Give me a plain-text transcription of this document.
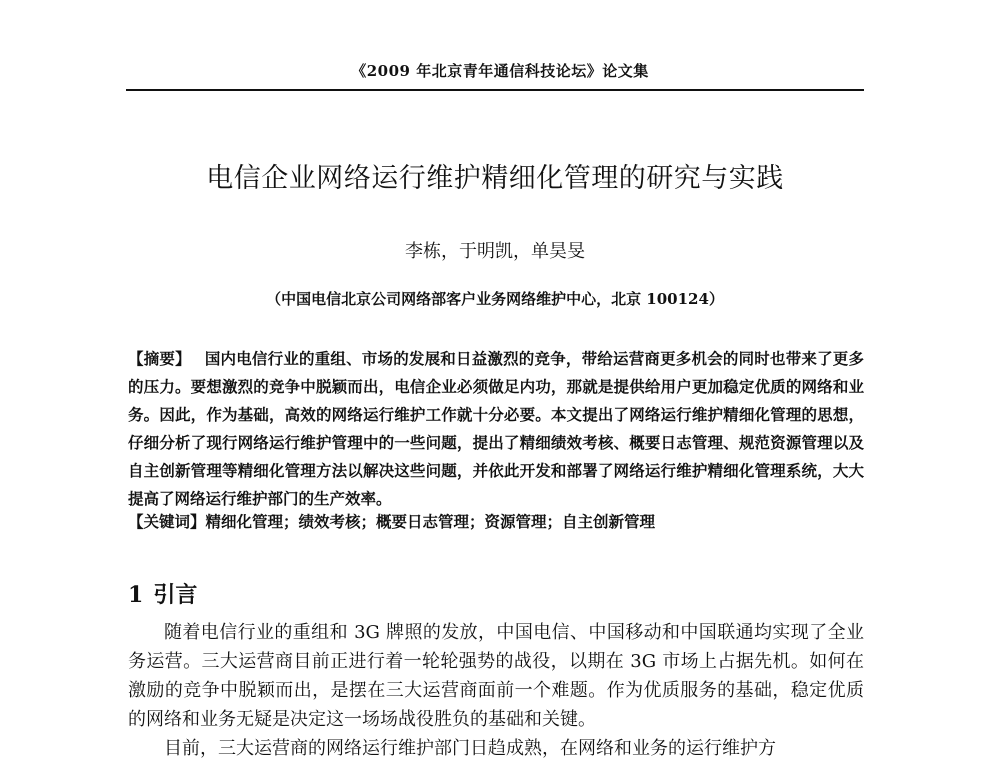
《2009 年北京青年通信科技论坛》论文集
电信企业网络运行维护精细化管理的研究与实践
李栋，于明凯，单昊旻
（中国电信北京公司网络部客户业务网络维护中心，北京 100124）
【摘要】 国内电信行业的重组、市场的发展和日益激烈的竞争，带给运营商更多机会的同时也带来了更多的压力。要想激烈的竞争中脱颖而出，电信企业必须做足内功，那就是提供给用户更加稳定优质的网络和业务。因此，作为基础，高效的网络运行维护工作就十分必要。本文提出了网络运行维护精细化管理的思想，仔细分析了现行网络运行维护管理中的一些问题，提出了精细绩效考核、概要日志管理、规范资源管理以及自主创新管理等精细化管理方法以解决这些问题，并依此开发和部署了网络运行维护精细化管理系统，大大提高了网络运行维护部门的生产效率。
【关键词】精细化管理；绩效考核；概要日志管理；资源管理；自主创新管理
1 引言

随着电信行业的重组和 3G 牌照的发放，中国电信、中国移动和中国联通均实现了全业务运营。三大运营商目前正进行着一轮轮强势的战役，以期在 3G 市场上占据先机。如何在激励的竞争中脱颖而出，是摆在三大运营商面前一个难题。作为优质服务的基础，稳定优质的网络和业务无疑是决定这一场场战役胜负的基础和关键。

目前，三大运营商的网络运行维护部门日趋成熟，在网络和业务的运行维护方
